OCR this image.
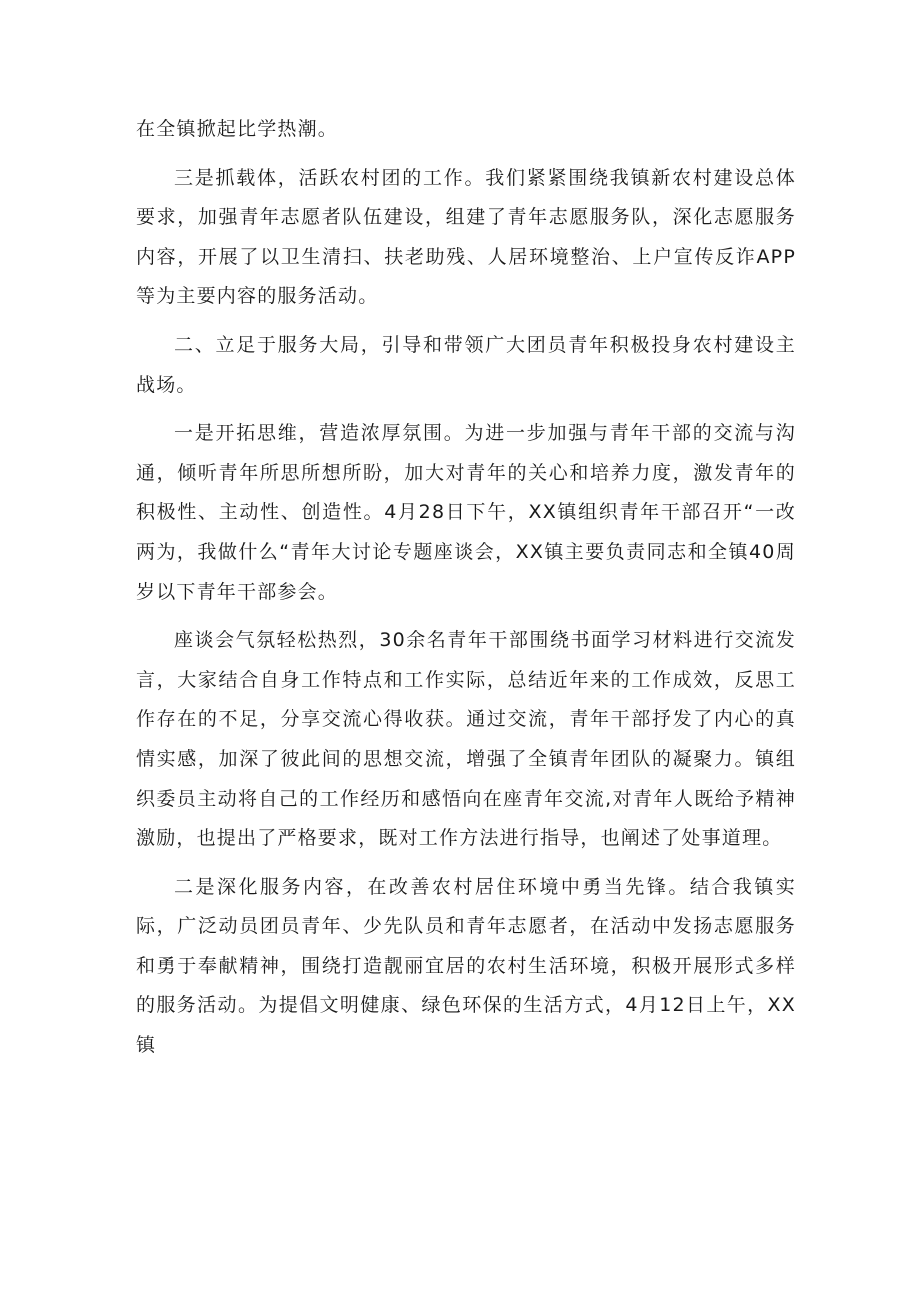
在全镇掀起比学热潮。

三是抓载体，活跃农村团的工作。我们紧紧围绕我镇新农村建设总体要求，加强青年志愿者队伍建设，组建了青年志愿服务队，深化志愿服务内容，开展了以卫生清扫、扶老助残、人居环境整治、上户宣传反诈APP等为主要内容的服务活动。

二、立足于服务大局，引导和带领广大团员青年积极投身农村建设主战场。

一是开拓思维，营造浓厚氛围。为进一步加强与青年干部的交流与沟通，倾听青年所思所想所盼，加大对青年的关心和培养力度，激发青年的积极性、主动性、创造性。4月28日下午，XX镇组织青年干部召开“一改两为，我做什么“青年大讨论专题座谈会，XX镇主要负责同志和全镇40周岁以下青年干部参会。

座谈会气氛轻松热烈，30余名青年干部围绕书面学习材料进行交流发言，大家结合自身工作特点和工作实际，总结近年来的工作成效，反思工作存在的不足，分享交流心得收获。通过交流，青年干部抒发了内心的真情实感，加深了彼此间的思想交流，增强了全镇青年团队的凝聚力。镇组织委员主动将自己的工作经历和感悟向在座青年交流,对青年人既给予精神激励，也提出了严格要求，既对工作方法进行指导，也阐述了处事道理。

二是深化服务内容，在改善农村居住环境中勇当先锋。结合我镇实际，广泛动员团员青年、少先队员和青年志愿者，在活动中发扬志愿服务和勇于奉献精神，围绕打造靓丽宜居的农村生活环境，积极开展形式多样的服务活动。为提倡文明健康、绿色环保的生活方式，4月12日上午，XX镇
